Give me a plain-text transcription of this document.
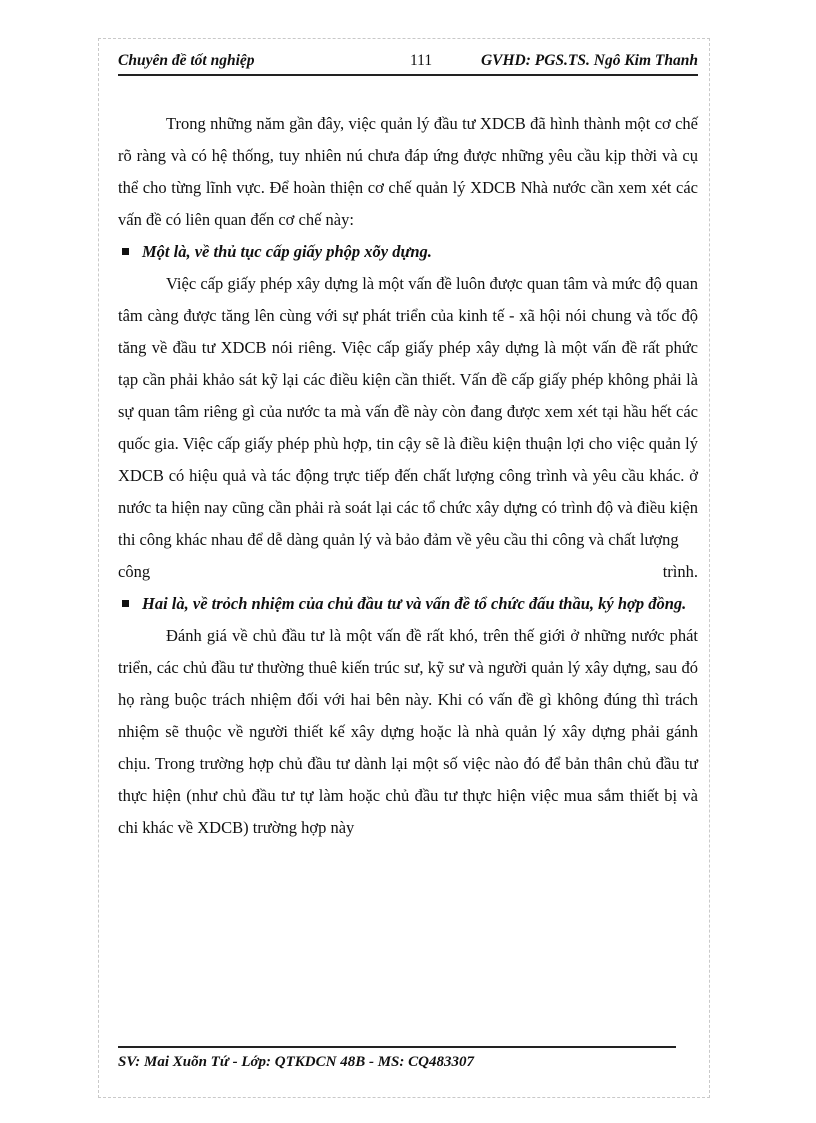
Chuyên đề tốt nghiệp	111	GVHD: PGS.TS. Ngô Kim Thanh

Trong những năm gần đây, việc quản lý đầu tư XDCB đã hình thành một cơ chế rõ ràng và có hệ thống, tuy nhiên nú chưa đáp ứng được những yêu cầu kịp thời và cụ thể cho từng lĩnh vực. Để hoàn thiện cơ chế quản lý XDCB Nhà nước cần xem xét các vấn đề có liên quan đến cơ chế này:

Một là, về thủ tục cấp giấy phộp xõy dựng.

Việc cấp giấy phép xây dựng là một vấn đề luôn được quan tâm và mức độ quan tâm càng được tăng lên cùng với sự phát triển của kinh tế - xã hội nói chung và tốc độ tăng về đầu tư XDCB nói riêng. Việc cấp giấy phép xây dựng là một vấn đề rất phức tạp cần phải khảo sát kỹ lại các điều kiện cần thiết. Vấn đề cấp giấy phép không phải là sự quan tâm riêng gì của nước ta mà vấn đề này còn đang được xem xét tại hầu hết các quốc gia. Việc cấp giấy phép phù hợp, tin cậy sẽ là điều kiện thuận lợi cho việc quản lý XDCB có hiệu quả và tác động trực tiếp đến chất lượng công trình và yêu cầu khác. ở nước ta hiện nay cũng cần phải rà soát lại các tổ chức xây dựng có trình độ và điều kiện thi công khác nhau để dễ dàng quản lý và bảo đảm về yêu cầu thi công và chất lượng

công	trình.

Hai là, về trỏch nhiệm của chủ đầu tư và vấn đề tổ chức đấu thầu, ký hợp đồng.

Đánh giá về chủ đầu tư là một vấn đề rất khó, trên thế giới ở những nước phát triển, các chủ đầu tư thường thuê kiến trúc sư, kỹ sư và người quản lý xây dựng, sau đó họ ràng buộc trách nhiệm đối với hai bên này. Khi có vấn đề gì không đúng thì trách nhiệm sẽ thuộc về người thiết kế xây dựng hoặc là nhà quản lý xây dựng phải gánh chịu. Trong trường hợp chủ đầu tư dành lại một số việc nào đó để bản thân chủ đầu tư thực hiện (như chủ đầu tư tự làm hoặc chủ đầu tư thực hiện việc mua sắm thiết bị và chi khác về XDCB) trường hợp này

SV: Mai Xuõn Tứ - Lớp: QTKDCN 48B - MS: CQ483307
